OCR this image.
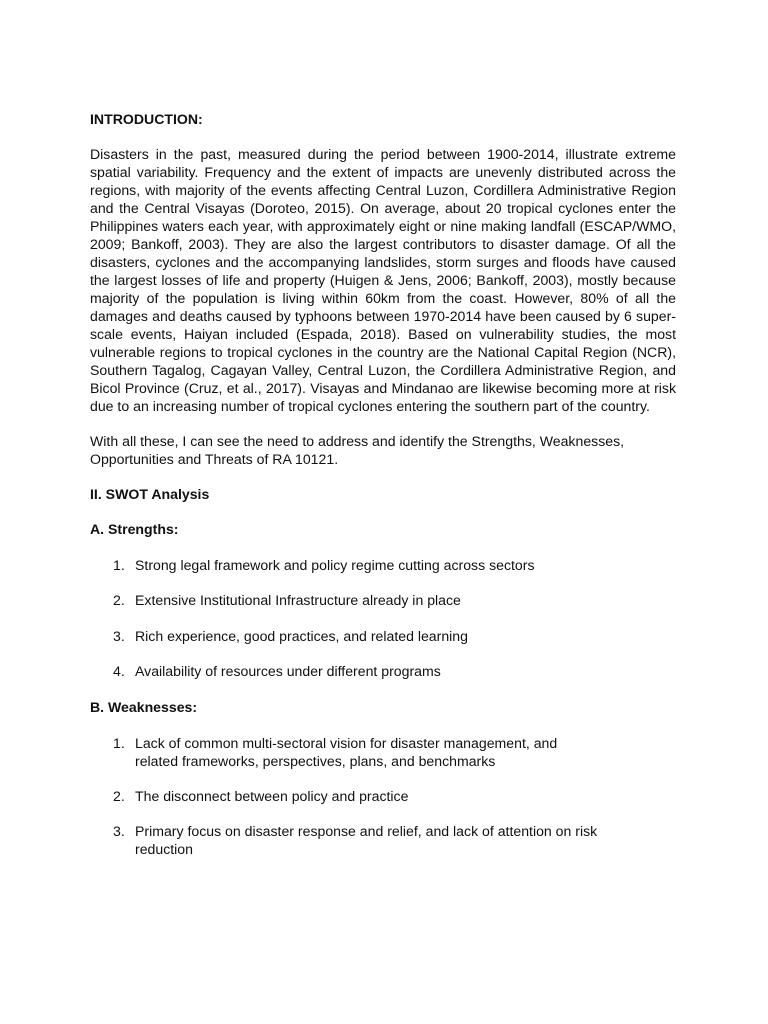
INTRODUCTION:

Disasters in the past, measured during the period between 1900-2014, illustrate extreme spatial variability. Frequency and the extent of impacts are unevenly distributed across the regions, with majority of the events affecting Central Luzon, Cordillera Administrative Region and the Central Visayas (Doroteo, 2015). On average, about 20 tropical cyclones enter the Philippines waters each year, with approximately eight or nine making landfall (ESCAP/WMO, 2009; Bankoff, 2003). They are also the largest contributors to disaster damage. Of all the disasters, cyclones and the accompanying landslides, storm surges and floods have caused the largest losses of life and property (Huigen & Jens, 2006; Bankoff, 2003), mostly because majority of the population is living within 60km from the coast. However, 80% of all the damages and deaths caused by typhoons between 1970-2014 have been caused by 6 super-scale events, Haiyan included (Espada, 2018). Based on vulnerability studies, the most vulnerable regions to tropical cyclones in the country are the National Capital Region (NCR), Southern Tagalog, Cagayan Valley, Central Luzon, the Cordillera Administrative Region, and Bicol Province (Cruz, et al., 2017). Visayas and Mindanao are likewise becoming more at risk due to an increasing number of tropical cyclones entering the southern part of the country.

With all these, I can see the need to address and identify the Strengths, Weaknesses, Opportunities and Threats of RA 10121.

II. SWOT Analysis

A. Strengths:

1. Strong legal framework and policy regime cutting across sectors
2. Extensive Institutional Infrastructure already in place
3. Rich experience, good practices, and related learning
4. Availability of resources under different programs

B. Weaknesses:

1. Lack of common multi-sectoral vision for disaster management, and related frameworks, perspectives, plans, and benchmarks
2. The disconnect between policy and practice
3. Primary focus on disaster response and relief, and lack of attention on risk reduction
